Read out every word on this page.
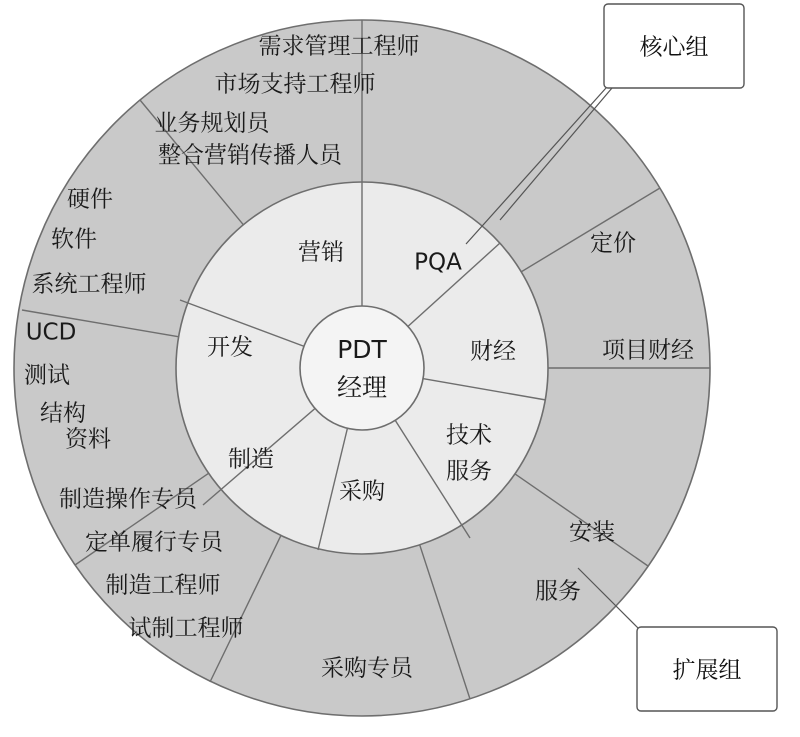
PDT
经理
营销	PQA
财经
技术
服务
采购
制造
开发
需求管理工程师
市场支持工程师
业务规划员
整合营销传播人员
硬件
软件
系统工程师
UCD
测试
结构
资料
制造操作专员
定单履行专员
制造工程师
试制工程师
采购专员
定价
项目财经
安装
服务
核心组
扩展组
